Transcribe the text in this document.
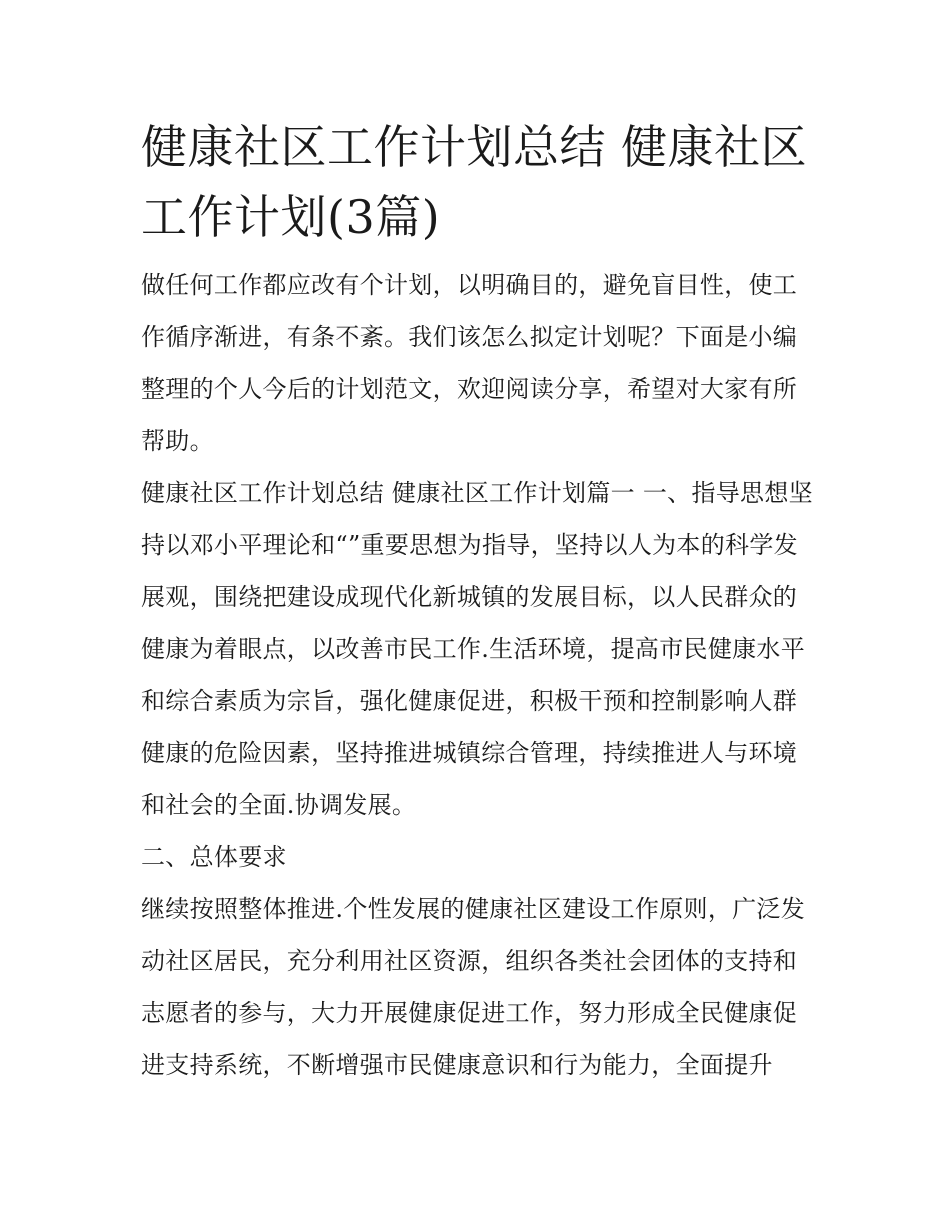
健康社区工作计划总结 健康社区工作计划(3篇)

做任何工作都应改有个计划，以明确目的，避免盲目性，使工作循序渐进，有条不紊。我们该怎么拟定计划呢？下面是小编整理的个人今后的计划范文，欢迎阅读分享，希望对大家有所帮助。

健康社区工作计划总结 健康社区工作计划篇一 一、指导思想坚持以邓小平理论和“”重要思想为指导，坚持以人为本的科学发展观，围绕把建设成现代化新城镇的发展目标，以人民群众的健康为着眼点，以改善市民工作.生活环境，提高市民健康水平和综合素质为宗旨，强化健康促进，积极干预和控制影响人群健康的危险因素，坚持推进城镇综合管理，持续推进人与环境和社会的全面.协调发展。

二、总体要求

继续按照整体推进.个性发展的健康社区建设工作原则，广泛发动社区居民，充分利用社区资源，组织各类社会团体的支持和志愿者的参与，大力开展健康促进工作，努力形成全民健康促进支持系统，不断增强市民健康意识和行为能力，全面提升
